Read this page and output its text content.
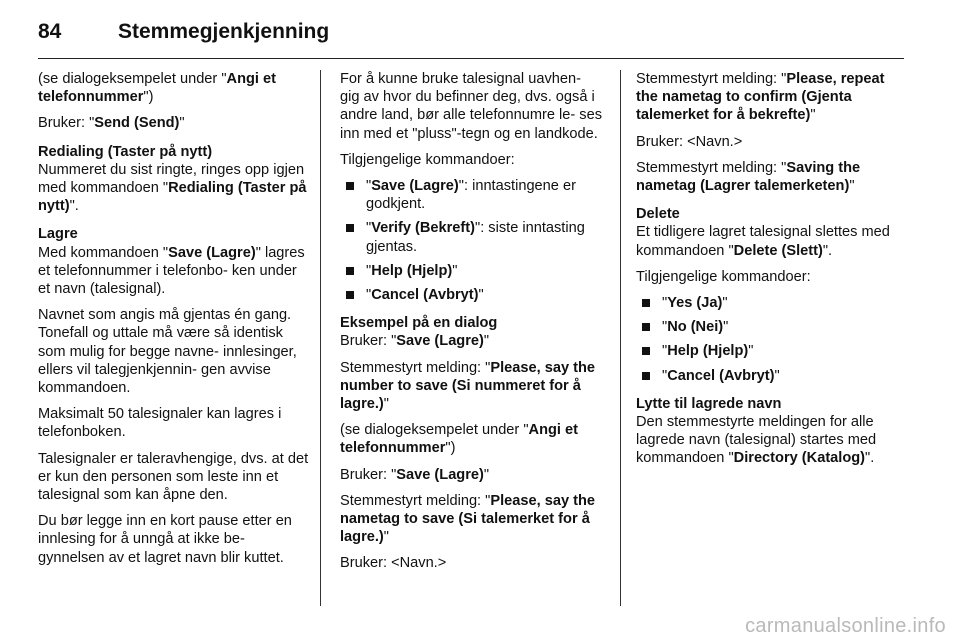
84	Stemmegjenkjenning

(se dialogeksempelet under "Angi et telefonnummer")

Bruker: "Send (Send)"

Redialing (Taster på nytt)

Nummeret du sist ringte, ringes opp igjen med kommandoen "Redialing (Taster på nytt)".

Lagre

Med kommandoen "Save (Lagre)" lagres et telefonnummer i telefonbo- ken under et navn (talesignal).

Navnet som angis må gjentas én gang. Tonefall og uttale må være så identisk som mulig for begge navne- innlesinger, ellers vil talegjenkjennin- gen avvise kommandoen.

Maksimalt 50 talesignaler kan lagres i telefonboken.

Talesignaler er taleravhengige, dvs. at det er kun den personen som leste inn et talesignal som kan åpne den.

Du bør legge inn en kort pause etter en innlesing for å unngå at ikke be- gynnelsen av et lagret navn blir kuttet.

For å kunne bruke talesignal uavhen- gig av hvor du befinner deg, dvs. også i andre land, bør alle telefonnumre le- ses inn med et "pluss"-tegn og en landkode.

Tilgjengelige kommandoer:

"Save (Lagre)": inntastingene er godkjent.
"Verify (Bekreft)": siste inntasting gjentas.
"Help (Hjelp)"
"Cancel (Avbryt)"

Eksempel på en dialog

Bruker: "Save (Lagre)"

Stemmestyrt melding: "Please, say the number to save (Si nummeret for å lagre.)"

(se dialogeksempelet under "Angi et telefonnummer")

Bruker: "Save (Lagre)"

Stemmestyrt melding: "Please, say the nametag to save (Si talemerket for å lagre.)"

Bruker: <Navn.>

Stemmestyrt melding: "Please, repeat the nametag to confirm (Gjenta talemerket for å bekrefte)"

Bruker: <Navn.>

Stemmestyrt melding: "Saving the nametag (Lagrer talemerketen)"

Delete

Et tidligere lagret talesignal slettes med kommandoen "Delete (Slett)".

Tilgjengelige kommandoer:

"Yes (Ja)"
"No (Nei)"
"Help (Hjelp)"
"Cancel (Avbryt)"

Lytte til lagrede navn

Den stemmestyrte meldingen for alle lagrede navn (talesignal) startes med kommandoen "Directory (Katalog)".

carmanualsonline.info
